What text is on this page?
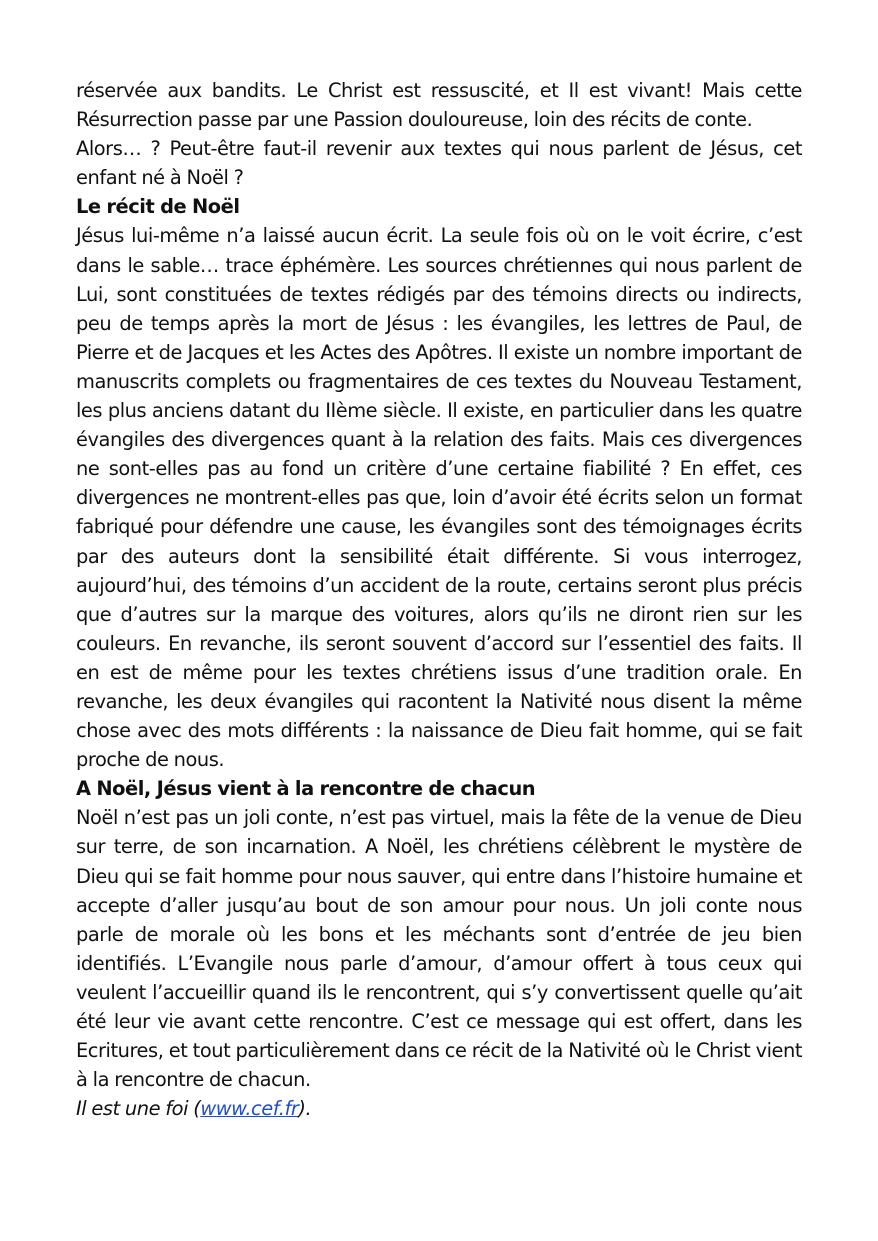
réservée aux bandits. Le Christ est ressuscité, et Il est vivant! Mais cette Résurrection passe par une Passion douloureuse, loin des récits de conte.

Alors… ? Peut-être faut-il revenir aux textes qui nous parlent de Jésus, cet enfant né à Noël ?

Le récit de Noël

Jésus lui-même n’a laissé aucun écrit. La seule fois où on le voit écrire, c’est dans le sable… trace éphémère. Les sources chrétiennes qui nous parlent de Lui, sont constituées de textes rédigés par des témoins directs ou indirects, peu de temps après la mort de Jésus : les évangiles, les lettres de Paul, de Pierre et de Jacques et les Actes des Apôtres. Il existe un nombre important de manuscrits complets ou fragmentaires de ces textes du Nouveau Testament, les plus anciens datant du IIème siècle. Il existe, en particulier dans les quatre évangiles des divergences quant à la relation des faits. Mais ces divergences ne sont-elles pas au fond un critère d’une certaine fiabilité ? En effet, ces divergences ne montrent-elles pas que, loin d’avoir été écrits selon un format fabriqué pour défendre une cause, les évangiles sont des témoignages écrits par des auteurs dont la sensibilité était différente. Si vous interrogez, aujourd’hui, des témoins d’un accident de la route, certains seront plus précis que d’autres sur la marque des voitures, alors qu’ils ne diront rien sur les couleurs. En revanche, ils seront souvent d’accord sur l’essentiel des faits. Il en est de même pour les textes chrétiens issus d’une tradition orale. En revanche, les deux évangiles qui racontent la Nativité nous disent la même chose avec des mots différents : la naissance de Dieu fait homme, qui se fait proche de nous.

A Noël, Jésus vient à la rencontre de chacun

Noël n’est pas un joli conte, n’est pas virtuel, mais la fête de la venue de Dieu sur terre, de son incarnation. A Noël, les chrétiens célèbrent le mystère de Dieu qui se fait homme pour nous sauver, qui entre dans l’histoire humaine et accepte d’aller jusqu’au bout de son amour pour nous. Un joli conte nous parle de morale où les bons et les méchants sont d’entrée de jeu bien identifiés. L’Evangile nous parle d’amour, d’amour offert à tous ceux qui veulent l’accueillir quand ils le rencontrent, qui s’y convertissent quelle qu’ait été leur vie avant cette rencontre. C’est ce message qui est offert, dans les Ecritures, et tout particulièrement dans ce récit de la Nativité où le Christ vient à la rencontre de chacun.

Il est une foi (www.cef.fr).
